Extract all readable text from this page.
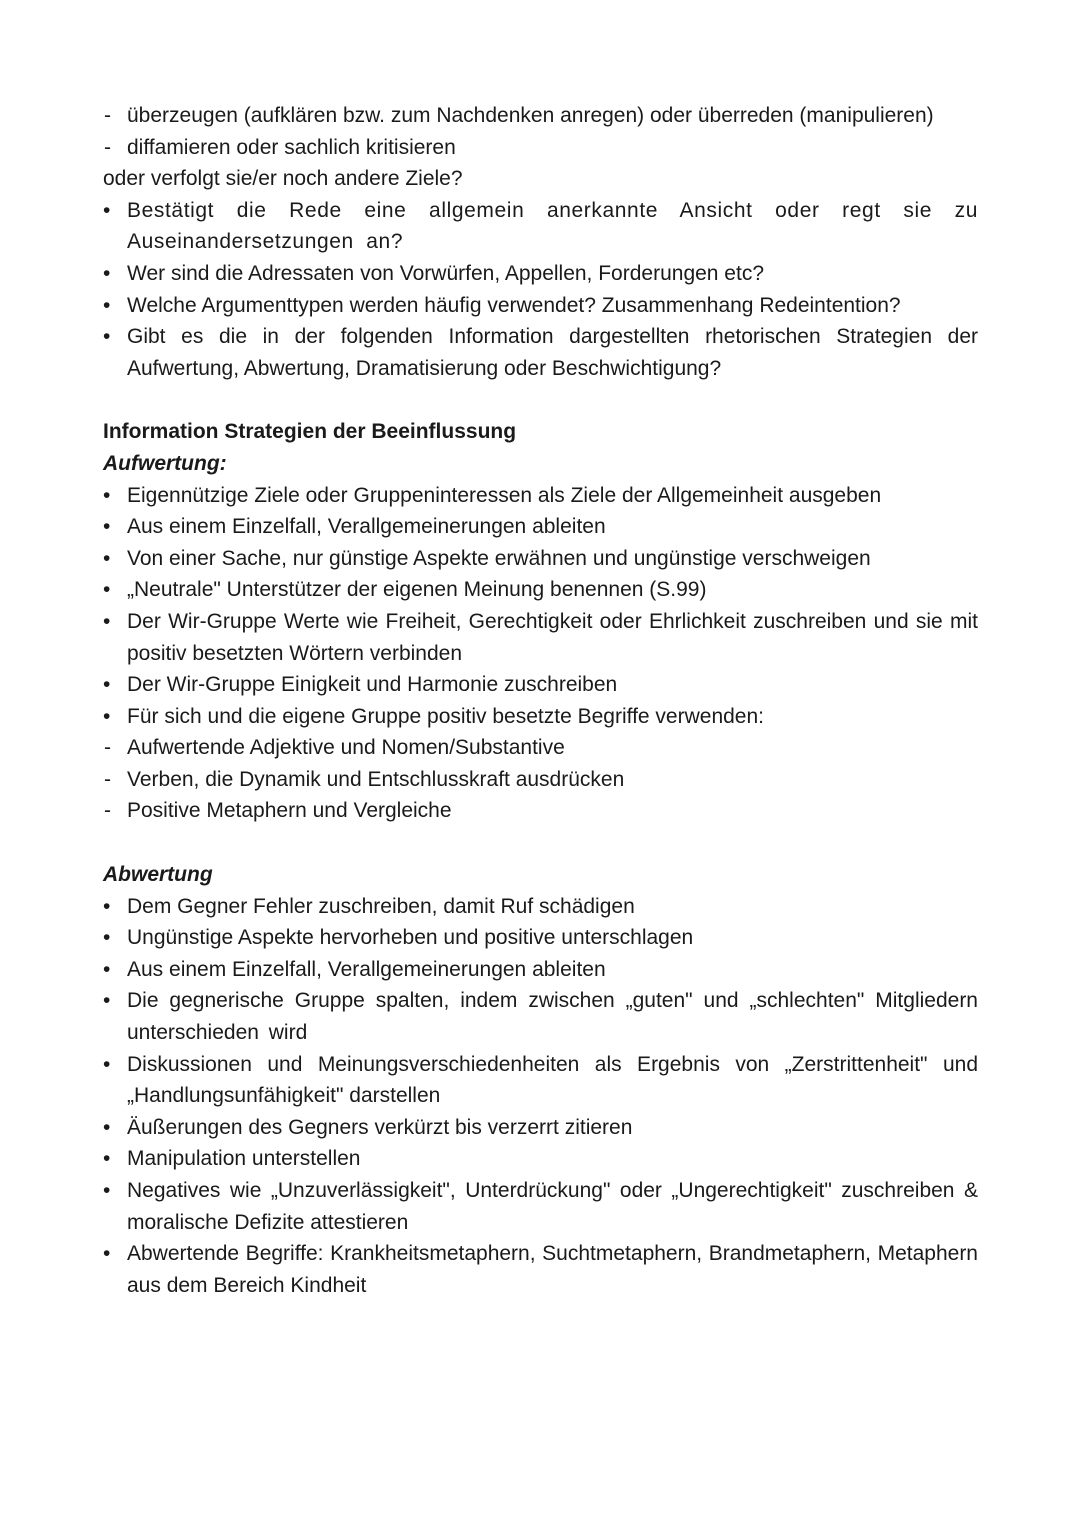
-
überzeugen (aufklären bzw. zum Nachdenken anregen) oder überreden (manipulieren)
-
diffamieren oder sachlich kritisieren

oder verfolgt sie/er noch andere Ziele?

•
Bestätigt die Rede eine allgemein anerkannte Ansicht oder regt sie zu Auseinandersetzungen an?
•
Wer sind die Adressaten von Vorwürfen, Appellen, Forderungen etc?
•
Welche Argumenttypen werden häufig verwendet? Zusammenhang Redeintention?
•
Gibt es die in der folgenden Information dargestellten rhetorischen Strategien der Aufwertung, Abwertung, Dramatisierung oder Beschwichtigung?

Information Strategien der Beeinflussung

Aufwertung:

•
Eigennützige Ziele oder Gruppeninteressen als Ziele der Allgemeinheit ausgeben
•
Aus einem Einzelfall, Verallgemeinerungen ableiten
•
Von einer Sache, nur günstige Aspekte erwähnen und ungünstige verschweigen
•
„Neutrale" Unterstützer der eigenen Meinung benennen (S.99)
•
Der Wir-Gruppe Werte wie Freiheit, Gerechtigkeit oder Ehrlichkeit zuschreiben und sie mit positiv besetzten Wörtern verbinden
•
Der Wir-Gruppe Einigkeit und Harmonie zuschreiben
•
Für sich und die eigene Gruppe positiv besetzte Begriffe verwenden:
-
Aufwertende Adjektive und Nomen/Substantive
-
Verben, die Dynamik und Entschlusskraft ausdrücken
-
Positive Metaphern und Vergleiche

Abwertung

•
Dem Gegner Fehler zuschreiben, damit Ruf schädigen
•
Ungünstige Aspekte hervorheben und positive unterschlagen
•
Aus einem Einzelfall, Verallgemeinerungen ableiten
•
Die gegnerische Gruppe spalten, indem zwischen „guten" und „schlechten" Mitgliedern unterschieden wird
•
Diskussionen und Meinungsverschiedenheiten als Ergebnis von „Zerstrittenheit" und „Handlungsunfähigkeit" darstellen
•
Äußerungen des Gegners verkürzt bis verzerrt zitieren
•
Manipulation unterstellen
•
Negatives wie „Unzuverlässigkeit", Unterdrückung" oder „Ungerechtigkeit" zuschreiben & moralische Defizite attestieren
•
Abwertende Begriffe: Krankheitsmetaphern, Suchtmetaphern, Brandmetaphern, Metaphern aus dem Bereich Kindheit
